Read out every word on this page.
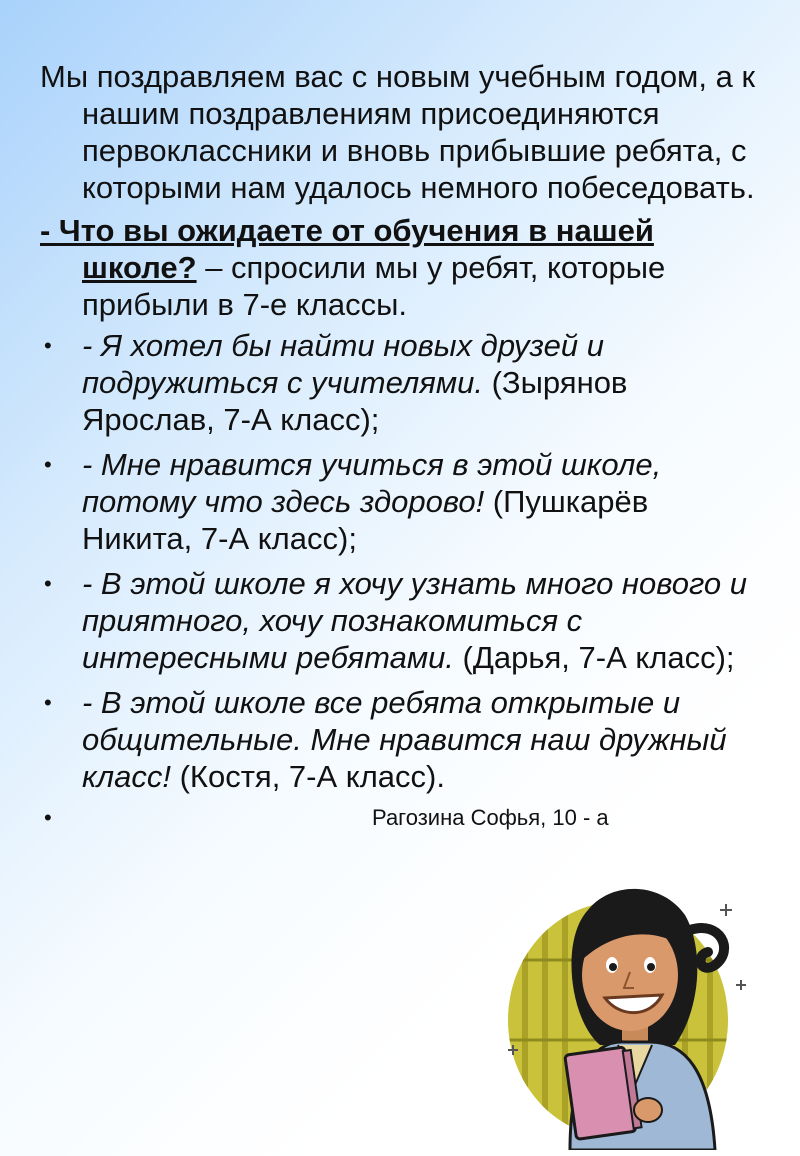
Мы поздравляем вас с новым учебным годом, а к нашим поздравлениям присоединяются первоклассники и вновь прибывшие ребята, с которыми нам удалось немного побеседовать.

- Что вы ожидаете от обучения в нашей школе? – спросили мы у ребят, которые прибыли в 7-е классы.

• - Я хотел бы найти новых друзей и подружиться с учителями. (Зырянов Ярослав, 7-А класс);
• - Мне нравится учиться в этой школе, потому что здесь здорово! (Пушкарёв Никита, 7-А класс);
• - В этой школе я хочу узнать много нового и приятного, хочу познакомиться с интересными ребятами. (Дарья, 7-А класс);
• - В этой школе все ребята открытые и общительные. Мне нравится наш дружный класс! (Костя, 7-А класс).
•	Рагозина Софья, 10 - а
